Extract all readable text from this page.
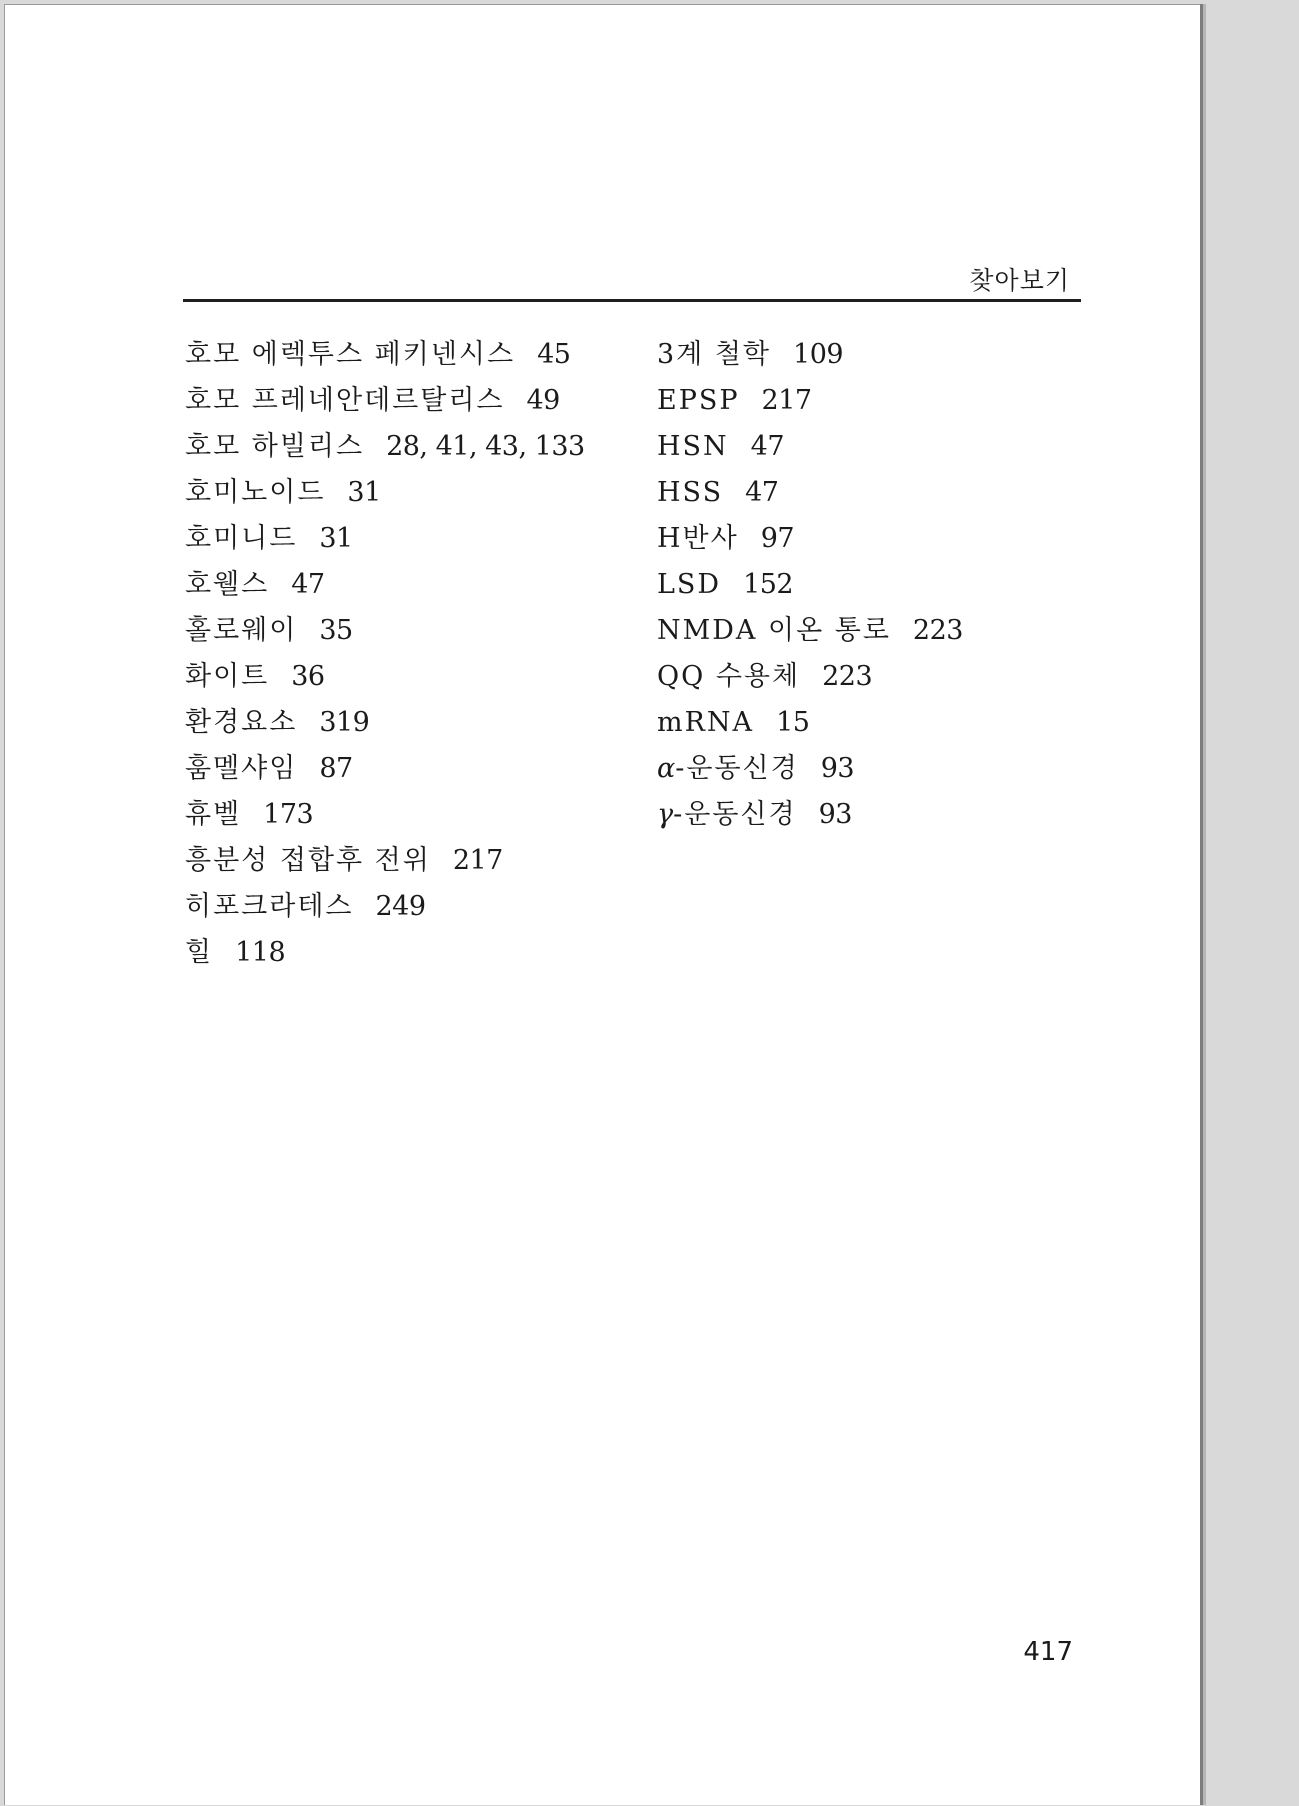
찾아보기
호모 에렉투스 페키넨시스 45
호모 프레네안데르탈리스 49
호모 하빌리스 28, 41, 43, 133
호미노이드 31
호미니드 31
호웰스 47
홀로웨이 35
화이트 36
환경요소 319
훔멜샤임 87
휴벨 173
흥분성 접합후 전위 217
히포크라테스 249
힐 118
3계 철학 109
EPSP 217
HSN 47
HSS 47
H반사 97
LSD 152
NMDA 이온 통로 223
QQ 수용체 223
mRNA 15
α-운동신경 93
γ-운동신경 93
417
